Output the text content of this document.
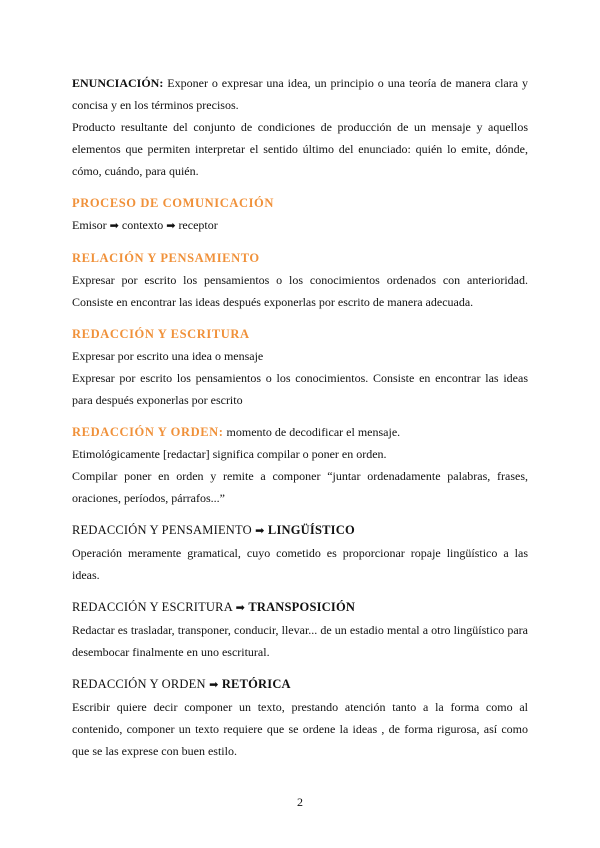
ENUNCIACIÓN: Exponer o expresar una idea, un principio o una teoría de manera clara y concisa y en los términos precisos.

Producto resultante del conjunto de condiciones de producción de un mensaje y aquellos elementos que permiten interpretar el sentido último del enunciado: quién lo emite, dónde, cómo, cuándo, para quién.

PROCESO DE COMUNICACIÓN

Emisor ➡ contexto ➡ receptor

RELACIÓN Y PENSAMIENTO

Expresar por escrito los pensamientos o los conocimientos ordenados con anterioridad. Consiste en encontrar las ideas después exponerlas por escrito de manera adecuada.

REDACCIÓN Y ESCRITURA

Expresar por escrito una idea o mensaje

Expresar por escrito los pensamientos o los conocimientos. Consiste en encontrar las ideas para después exponerlas por escrito

REDACCIÓN Y ORDEN: momento de decodificar el mensaje.

Etimológicamente [redactar] significa compilar o poner en orden.

Compilar poner en orden y remite a componer “juntar ordenadamente palabras, frases, oraciones, períodos, párrafos...”

REDACCIÓN Y PENSAMIENTO ➡ LINGÜÍSTICO

Operación meramente gramatical, cuyo cometido es proporcionar ropaje lingüístico a las ideas.

REDACCIÓN Y ESCRITURA ➡ TRANSPOSICIÓN

Redactar es trasladar, transponer, conducir, llevar... de un estadio mental a otro lingüístico para desembocar finalmente en uno escritural.

REDACCIÓN Y ORDEN ➡ RETÓRICA

Escribir quiere decir componer un texto, prestando atención tanto a la forma como al contenido, componer un texto requiere que se ordene la ideas , de forma rigurosa, así como que se las exprese con buen estilo.

2
